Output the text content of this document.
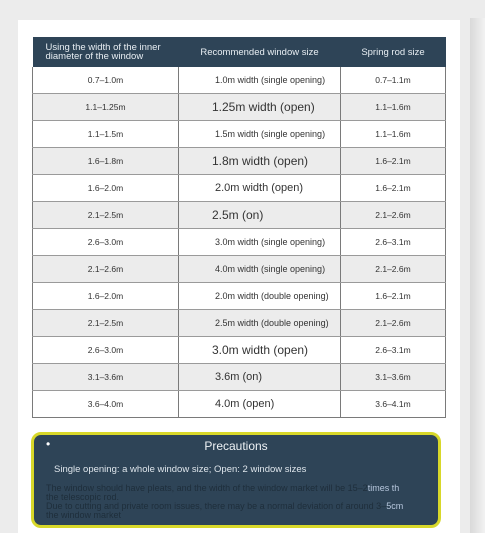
Using the width of the inner diameter of the window	Recommended window size	Spring rod size
0.7–1.0m	1.0m width (single opening)	0.7–1.1m
1.1–1.25m	1.25m width (open)	1.1–1.6m
1.1–1.5m	1.5m width (single opening)	1.1–1.6m
1.6–1.8m	1.8m width (open)	1.6–2.1m
1.6–2.0m	2.0m width (open)	1.6–2.1m
2.1–2.5m	2.5m (on)	2.1–2.6m
2.6–3.0m	3.0m width (single opening)	2.6–3.1m
2.1–2.6m	4.0m width (single opening)	2.1–2.6m
1.6–2.0m	2.0m width (double opening)	1.6–2.1m
2.1–2.5m	2.5m width (double opening)	2.1–2.6m
2.6–3.0m	3.0m width (open)	2.6–3.1m
3.1–3.6m	3.6m (on)	3.1–3.6m
3.6–4.0m	4.0m (open)	3.6–4.1m
•	Precautions
Single opening: a whole window size; Open: 2 window sizes
The window should have pleats, and the width of the window market will be 15–2times th
the telescopic rod.
Due to cutting and private room issues, there may be a normal deviation of around 3–5cm
the window market
